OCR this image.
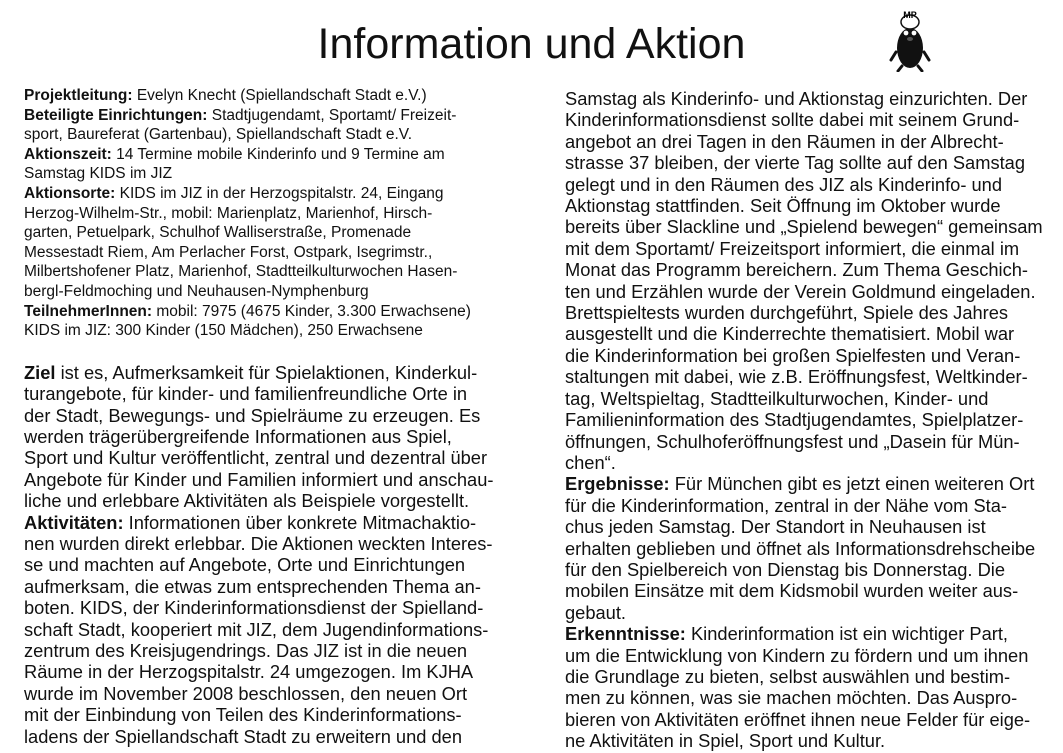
Information und Aktion
MP

Projektleitung: Evelyn Knecht (Spiellandschaft Stadt e.V.)

Beteiligte Einrichtungen: Stadtjugendamt, Sportamt/ Freizeit-

sport, Baureferat (Gartenbau), Spiellandschaft Stadt e.V.

Aktionszeit: 14 Termine mobile Kinderinfo und 9 Termine am

Samstag KIDS im JIZ

Aktionsorte: KIDS im JIZ in der Herzogspitalstr. 24, Eingang

Herzog-Wilhelm-Str., mobil: Marienplatz, Marienhof, Hirsch-

garten, Petuelpark, Schulhof Walliserstraße, Promenade

Messestadt Riem, Am Perlacher Forst, Ostpark, Isegrimstr.,

Milbertshofener Platz, Marienhof, Stadtteilkulturwochen Hasen-

bergl-Feldmoching und Neuhausen-Nymphenburg

TeilnehmerInnen: mobil: 7975 (4675 Kinder, 3.300 Erwachsene)

KIDS im JIZ: 300 Kinder (150 Mädchen), 250 Erwachsene

Ziel ist es, Aufmerksamkeit für Spielaktionen, Kinderkul-

turangebote, für kinder- und familienfreundliche Orte in

der Stadt, Bewegungs- und Spielräume zu erzeugen. Es

werden trägerübergreifende Informationen aus Spiel,

Sport und Kultur veröffentlicht, zentral und dezentral über

Angebote für Kinder und Familien informiert und anschau-

liche und erlebbare Aktivitäten als Beispiele vorgestellt.

Aktivitäten: Informationen über konkrete Mitmachaktio-

nen wurden direkt erlebbar. Die Aktionen weckten Interes-

se und machten auf Angebote, Orte und Einrichtungen

aufmerksam, die etwas zum entsprechenden Thema an-

boten. KIDS, der Kinderinformationsdienst der Spielland-

schaft Stadt, kooperiert mit JIZ, dem Jugendinformations-

zentrum des Kreisjugendrings. Das JIZ ist in die neuen

Räume in der Herzogspitalstr. 24 umgezogen. Im KJHA

wurde im November 2008 beschlossen, den neuen Ort

mit der Einbindung von Teilen des Kinderinformations-

ladens der Spiellandschaft Stadt zu erweitern und den

Samstag als Kinderinfo- und Aktionstag einzurichten. Der

Kinderinformationsdienst sollte dabei mit seinem Grund-

angebot an drei Tagen in den Räumen in der Albrecht-

strasse 37 bleiben, der vierte Tag sollte auf den Samstag

gelegt und in den Räumen des JIZ als Kinderinfo- und

Aktionstag stattfinden. Seit Öffnung im Oktober wurde

bereits über Slackline und „Spielend bewegen“ gemeinsam

mit dem Sportamt/ Freizeitsport informiert, die einmal im

Monat das Programm bereichern. Zum Thema Geschich-

ten und Erzählen wurde der Verein Goldmund eingeladen.

Brettspieltests wurden durchgeführt, Spiele des Jahres

ausgestellt und die Kinderrechte thematisiert. Mobil war

die Kinderinformation bei großen Spielfesten und Veran-

staltungen mit dabei, wie z.B. Eröffnungsfest, Weltkinder-

tag, Weltspieltag, Stadtteilkulturwochen, Kinder- und

Familieninformation des Stadtjugendamtes, Spielplatzer-

öffnungen, Schulhoferöffnungsfest und „Dasein für Mün-

chen“.

Ergebnisse: Für München gibt es jetzt einen weiteren Ort

für die Kinderinformation, zentral in der Nähe vom Sta-

chus jeden Samstag. Der Standort in Neuhausen ist

erhalten geblieben und öffnet als Informationsdrehscheibe

für den Spielbereich von Dienstag bis Donnerstag. Die

mobilen Einsätze mit dem Kidsmobil wurden weiter aus-

gebaut.

Erkenntnisse: Kinderinformation ist ein wichtiger Part,

um die Entwicklung von Kindern zu fördern und um ihnen

die Grundlage zu bieten, selbst auswählen und bestim-

men zu können, was sie machen möchten. Das Auspro-

bieren von Aktivitäten eröffnet ihnen neue Felder für eige-

ne Aktivitäten in Spiel, Sport und Kultur.
